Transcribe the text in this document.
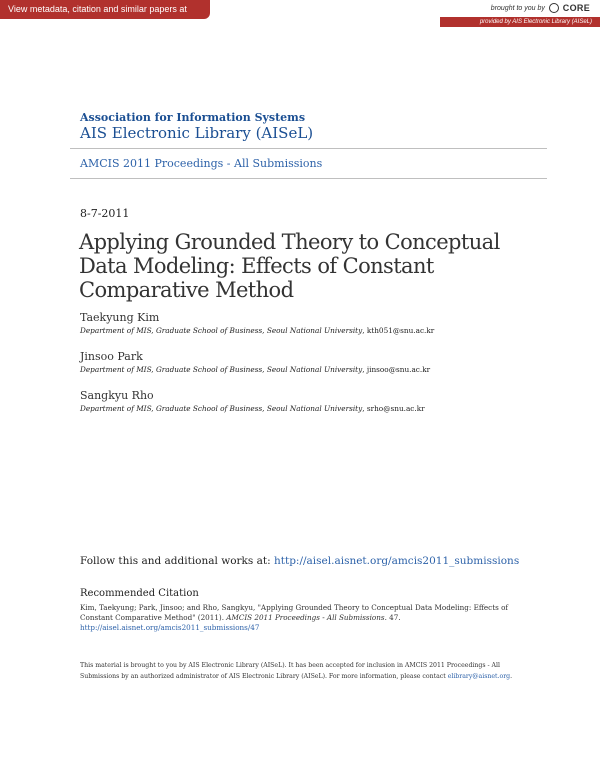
View metadata, citation and similar papers at core.ac.uk
brought to you by CORE
provided by AIS Electronic Library (AISeL)
Association for Information Systems
AIS Electronic Library (AISeL)
AMCIS 2011 Proceedings - All Submissions
8-7-2011
Applying Grounded Theory to Conceptual Data Modeling: Effects of Constant Comparative Method
Taekyung Kim
Department of MIS, Graduate School of Business, Seoul National University, kth051@snu.ac.kr
Jinsoo Park
Department of MIS, Graduate School of Business, Seoul National University, jinsoo@snu.ac.kr
Sangkyu Rho
Department of MIS, Graduate School of Business, Seoul National University, srho@snu.ac.kr
Follow this and additional works at: http://aisel.aisnet.org/amcis2011_submissions
Recommended Citation
Kim, Taekyung; Park, Jinsoo; and Rho, Sangkyu, "Applying Grounded Theory to Conceptual Data Modeling: Effects of Constant Comparative Method" (2011). AMCIS 2011 Proceedings - All Submissions. 47.
http://aisel.aisnet.org/amcis2011_submissions/47
This material is brought to you by AIS Electronic Library (AISeL). It has been accepted for inclusion in AMCIS 2011 Proceedings - All Submissions by an authorized administrator of AIS Electronic Library (AISeL). For more information, please contact elibrary@aisnet.org.
